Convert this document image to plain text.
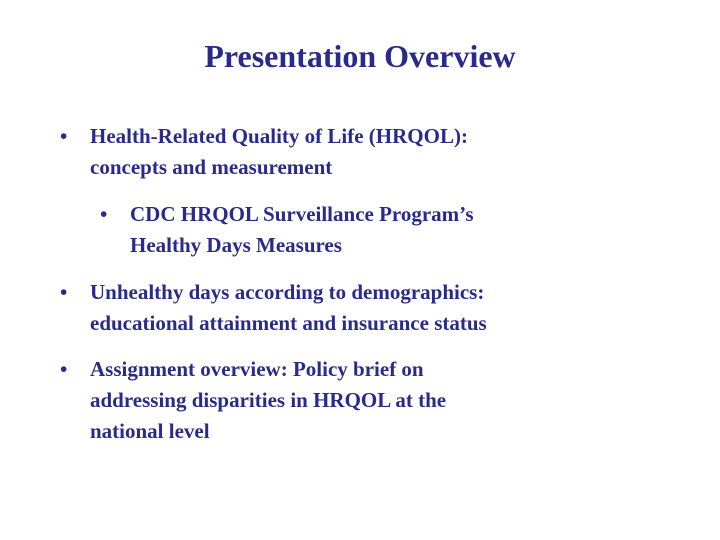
Presentation Overview
• Health-Related Quality of Life (HRQOL):
concepts and measurement
• CDC HRQOL Surveillance Program’s
Healthy Days Measures
• Unhealthy days according to demographics:
educational attainment and insurance status
• Assignment overview: Policy brief on
addressing disparities in HRQOL at the
national level
